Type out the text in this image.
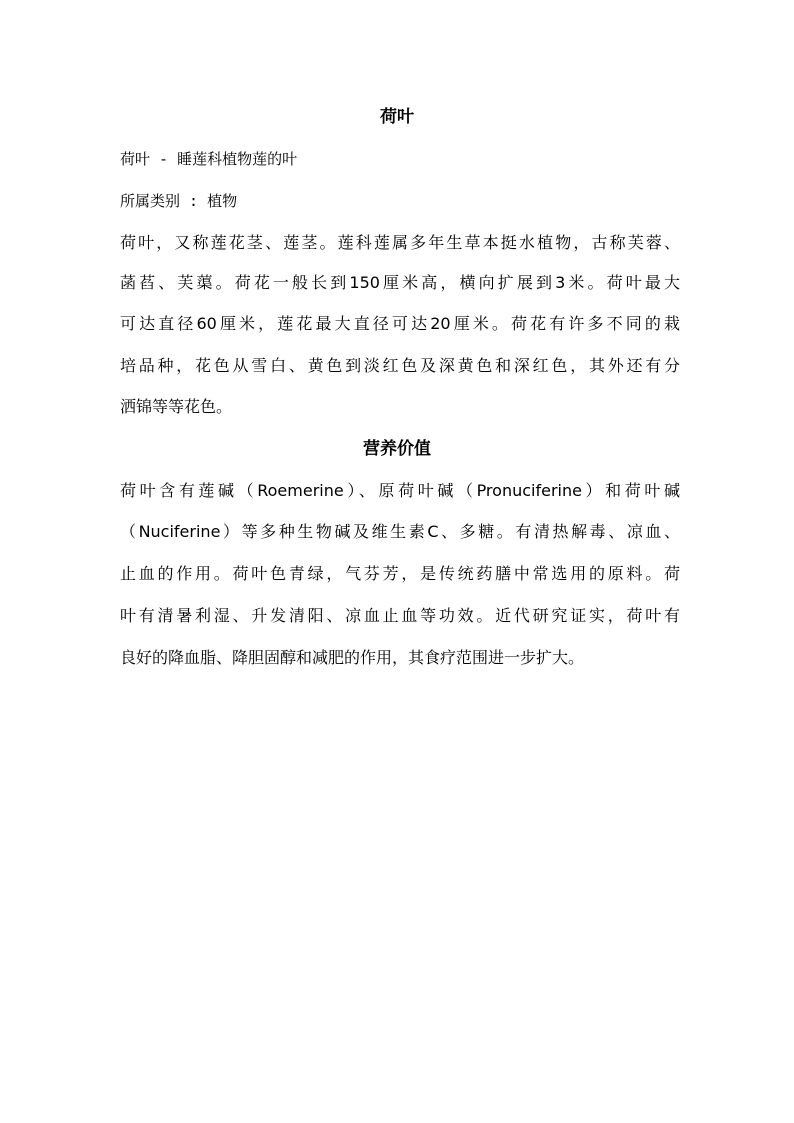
荷叶
荷叶 - 睡莲科植物莲的叶
所属类别 : 植物
荷叶，又称莲花茎、莲茎。莲科莲属多年生草本挺水植物，古称芙蓉、
菡萏、芙蕖。荷花一般长到150厘米高，横向扩展到3米。荷叶最大
可达直径60厘米，莲花最大直径可达20厘米。荷花有许多不同的栽
培品种，花色从雪白、黄色到淡红色及深黄色和深红色，其外还有分
洒锦等等花色。
营养价值
荷叶含有莲碱（Roemerine）、原荷叶碱（Pronuciferine）和荷叶碱
（Nuciferine）等多种生物碱及维生素C、多糖。有清热解毒、凉血、
止血的作用。荷叶色青绿，气芬芳，是传统药膳中常选用的原料。荷
叶有清暑利湿、升发清阳、凉血止血等功效。近代研究证实，荷叶有
良好的降血脂、降胆固醇和减肥的作用，其食疗范围进一步扩大。
